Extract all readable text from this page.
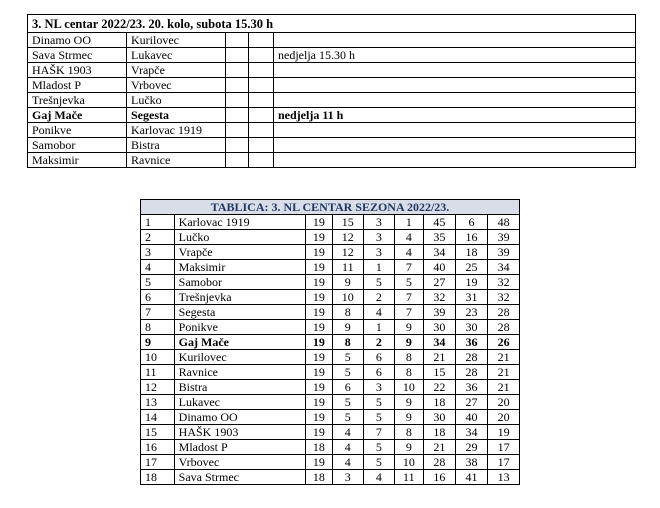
3. NL centar 2022/23. 20. kolo, subota 15.30 h				
Dinamo OO	Kurilovec			
Sava Strmec	Lukavec			nedjelja 15.30 h
HAŠK 1903	Vrapče			
Mladost P	Vrbovec			
Trešnjevka	Lučko			
Gaj Mače	Segesta			nedjelja 11 h
Ponikve	Karlovac 1919			
Samobor	Bistra			
Maksimir	Ravnice			
TABLICA: 3. NL CENTAR SEZONA 2022/23.								
1	Karlovac 1919	19	15	3	1	45	6	48
2	Lučko	19	12	3	4	35	16	39
3	Vrapče	19	12	3	4	34	18	39
4	Maksimir	19	11	1	7	40	25	34
5	Samobor	19	9	5	5	27	19	32
6	Trešnjevka	19	10	2	7	32	31	32
7	Segesta	19	8	4	7	39	23	28
8	Ponikve	19	9	1	9	30	30	28
9	Gaj Mače	19	8	2	9	34	36	26
10	Kurilovec	19	5	6	8	21	28	21
11	Ravnice	19	5	6	8	15	28	21
12	Bistra	19	6	3	10	22	36	21
13	Lukavec	19	5	5	9	18	27	20
14	Dinamo OO	19	5	5	9	30	40	20
15	HAŠK 1903	19	4	7	8	18	34	19
16	Mladost P	18	4	5	9	21	29	17
17	Vrbovec	19	4	5	10	28	38	17
18	Sava Strmec	18	3	4	11	16	41	13
